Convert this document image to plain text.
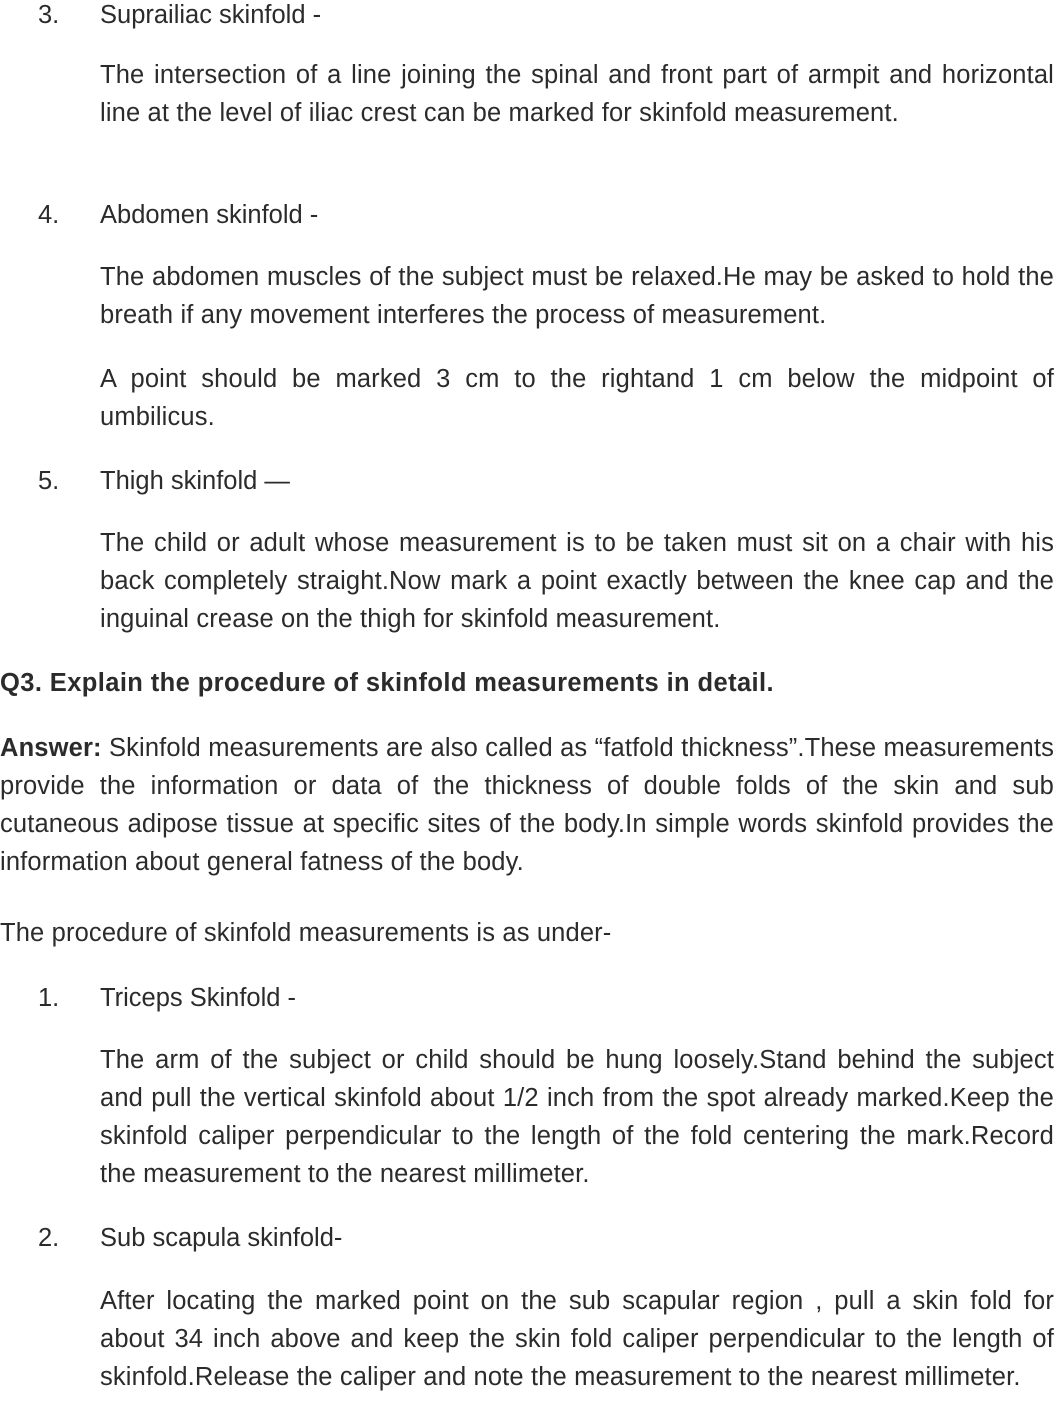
3.	Suprailiac skinfold -

The intersection of a line joining the spinal and front part of armpit and horizontal line at the level of iliac crest can be marked for skinfold measurement.

4.	Abdomen skinfold -

The abdomen muscles of the subject must be relaxed.He may be asked to hold the breath if any movement interferes the process of measurement.

A point should be marked 3 cm to the rightand 1 cm below the midpoint of umbilicus.

5.	Thigh skinfold —

The child or adult whose measurement is to be taken must sit on a chair with his back completely straight.Now mark a point exactly between the knee cap and the inguinal crease on the thigh for skinfold measurement.

Q3. Explain the procedure of skinfold measurements in detail.

Answer: Skinfold measurements are also called as “fatfold thickness”.These measurements provide the information or data of the thickness of double folds of the skin and sub cutaneous adipose tissue at specific sites of the body.In simple words skinfold provides the information about general fatness of the body.

The procedure of skinfold measurements is as under-

1.	Triceps Skinfold -

The arm of the subject or child should be hung loosely.Stand behind the subject and pull the vertical skinfold about 1/2 inch from the spot already marked.Keep the skinfold caliper perpendicular to the length of the fold centering the mark.Record the measurement to the nearest millimeter.

2.	Sub scapula skinfold-

After locating the marked point on the sub scapular region , pull a skin fold for about 34 inch above and keep the skin fold caliper perpendicular to the length of skinfold.Release the caliper and note the measurement to the nearest millimeter.
